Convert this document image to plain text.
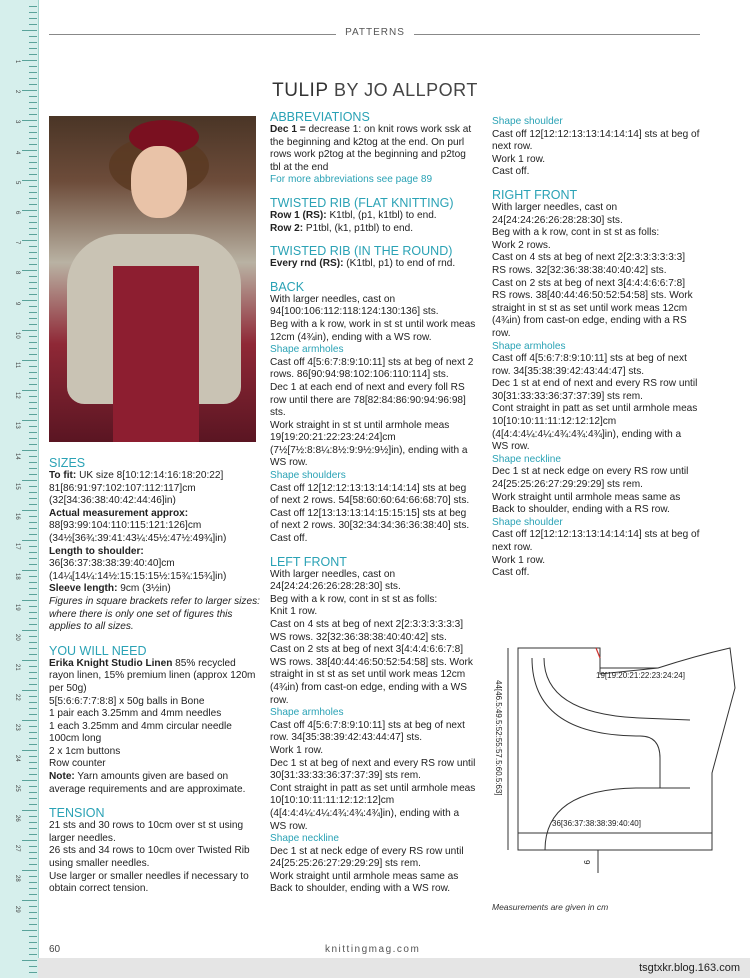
1
2
3
4
5
6
7
8
9
10
11
12
13
14
15
16
17
18
19
20
21
22
23
24
25
26
27
28
29
PATTERNS
TULIP BY JO ALLPORT
SIZES

To fit: UK size 8[10:12:14:16:18:20:22] 81[86:91:97:102:107:112:117]cm (32[34:36:38:40:42:44:46]in)

Actual measurement approx:

88[93:99:104:110:115:121:126]cm (34½[36¾:39:41:43¼:45½:47½:49¾]in)

Length to shoulder: 36[36:37:38:38:39:40:40]cm (14¼[14¼:14½:15:15:15½:15¾:15¾]in)

Sleeve length: 9cm (3½in)

Figures in square brackets refer to larger sizes: where there is only one set of figures this applies to all sizes.

YOU WILL NEED

Erika Knight Studio Linen 85% recycled rayon linen, 15% premium linen (approx 120m per 50g)

5[5:6:6:7:7:8:8] x 50g balls in Bone

1 pair each 3.25mm and 4mm needles

1 each 3.25mm and 4mm circular needle 100cm long

2 x 1cm buttons

Row counter

Note: Yarn amounts given are based on average requirements and are approximate.

TENSION

21 sts and 30 rows to 10cm over st st using larger needles.

26 sts and 34 rows to 10cm over Twisted Rib using smaller needles.

Use larger or smaller needles if necessary to obtain correct tension.

ABBREVIATIONS

Dec 1 = decrease 1: on knit rows work ssk at the beginning and k2tog at the end. On purl rows work p2tog at the beginning and p2tog tbl at the end

For more abbreviations see page 89

TWISTED RIB (FLAT KNITTING)

Row 1 (RS): K1tbl, (p1, k1tbl) to end.

Row 2: P1tbl, (k1, p1tbl) to end.

TWISTED RIB (IN THE ROUND)

Every rnd (RS): (K1tbl, p1) to end of rnd.

BACK

With larger needles, cast on 94[100:106:112:118:124:130:136] sts.
Beg with a k row, work in st st until work meas 12cm (4¾in), ending with a WS row.

Shape armholes

Cast off 4[5:6:7:8:9:10:11] sts at beg of next 2 rows. 86[90:94:98:102:106:110:114] sts.
Dec 1 at each end of next and every foll RS row until there are 78[82:84:86:90:94:96:98] sts.
Work straight in st st until armhole meas 19[19:20:21:22:23:24:24]cm (7½[7½:8:8¼:8½:9:9½:9½]in), ending with a WS row.

Shape shoulders

Cast off 12[12:12:13:13:14:14:14] sts at beg of next 2 rows. 54[58:60:60:64:66:68:70] sts.
Cast off 12[13:13:13:14:15:15:15] sts at beg of next 2 rows. 30[32:34:34:36:36:38:40] sts.
Cast off.

LEFT FRONT

With larger needles, cast on 24[24:24:26:26:28:28:30] sts.
Beg with a k row, cont in st st as folls:
Knit 1 row.
Cast on 4 sts at beg of next 2[2:3:3:3:3:3:3] WS rows. 32[32:36:38:38:40:40:42] sts.
Cast on 2 sts at beg of next 3[4:4:4:6:6:7:8] WS rows. 38[40:44:46:50:52:54:58] sts. Work straight in st st as set until work meas 12cm (4¾in) from cast-on edge, ending with a WS row.

Shape armholes

Cast off 4[5:6:7:8:9:10:11] sts at beg of next row. 34[35:38:39:42:43:44:47] sts.
Work 1 row.
Dec 1 st at beg of next and every RS row until 30[31:33:33:36:37:37:39] sts rem.
Cont straight in patt as set until armhole meas 10[10:10:11:11:12:12:12]cm (4[4:4:4¼:4¼:4¾:4¾:4¾]in), ending with a WS row.

Shape neckline

Dec 1 st at neck edge of every RS row until 24[25:25:26:27:29:29:29] sts rem.
Work straight until armhole meas same as Back to shoulder, ending with a WS row.

Shape shoulder

Cast off 12[12:12:13:13:14:14:14] sts at beg of next row.
Work 1 row.
Cast off.

RIGHT FRONT

With larger needles, cast on 24[24:24:26:26:28:28:30] sts.
Beg with a k row, cont in st st as folls:
Work 2 rows.
Cast on 4 sts at beg of next 2[2:3:3:3:3:3:3] RS rows. 32[32:36:38:38:40:40:42] sts.
Cast on 2 sts at beg of next 3[4:4:4:6:6:7:8] RS rows. 38[40:44:46:50:52:54:58] sts. Work straight in st st as set until work meas 12cm (4¾in) from cast-on edge, ending with a RS row.

Shape armholes

Cast off 4[5:6:7:8:9:10:11] sts at beg of next row. 34[35:38:39:42:43:44:47] sts.
Dec 1 st at end of next and every RS row until 30[31:33:33:36:37:37:39] sts rem.
Cont straight in patt as set until armhole meas 10[10:10:11:11:12:12:12]cm (4[4:4:4¼:4¼:4¾:4¾:4¾]in), ending with a WS row.

Shape neckline

Dec 1 st at neck edge on every RS row until 24[25:25:26:27:29:29:29] sts rem.
Work straight until armhole meas same as Back to shoulder, ending with a RS row.

Shape shoulder

Cast off 12[12:12:13:13:14:14:14] sts at beg of next row.
Work 1 row.
Cast off.

19[19:20:21:22:23:24:24]
44[46.5:49.5:52:55:57.5:60.5:63]
36[36:37:38:38:39:40:40]
9
Measurements are given in cm
60	knittingmag.com
tsgtxkr.blog.163.com
